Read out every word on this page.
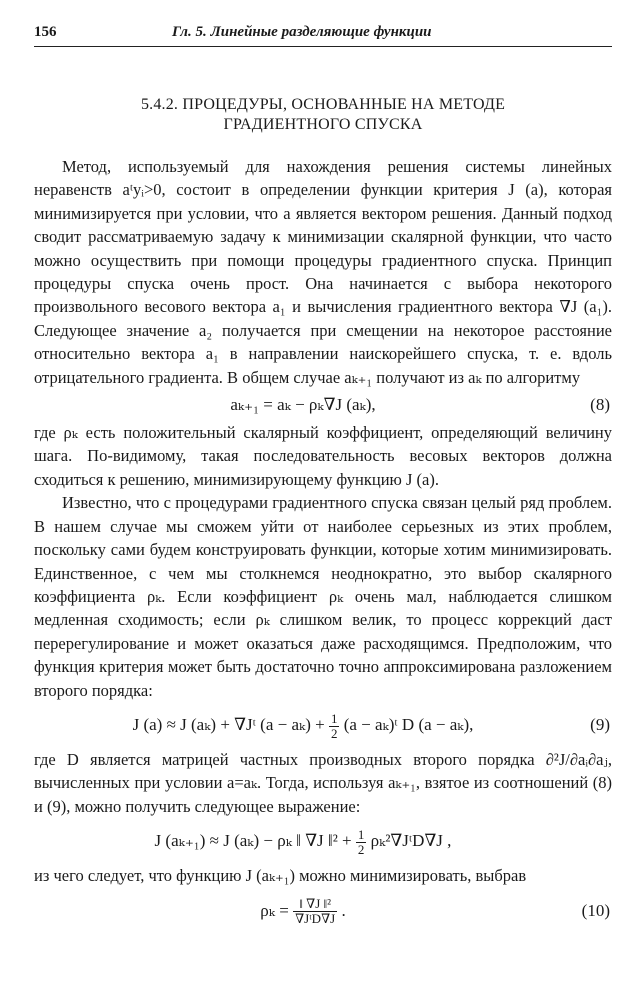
156	Гл. 5. Линейные разделяющие функции
5.4.2. ПРОЦЕДУРЫ, ОСНОВАННЫЕ НА МЕТОДЕ
ГРАДИЕНТНОГО СПУСКА

Метод, используемый для нахождения решения системы линейных неравенств aᵗyᵢ>0, состоит в определении функции критерия J (a), которая минимизируется при условии, что a является вектором решения. Данный подход сводит рассматриваемую задачу к минимизации скалярной функции, что часто можно осуществить при помощи процедуры градиентного спуска. Принцип процедуры спуска очень прост. Она начинается с выбора некоторого произвольного весового вектора a₁ и вычисления градиентного вектора ∇J (a₁). Следующее значение a₂ получается при смещении на некоторое расстояние относительно вектора a₁ в направлении наискорейшего спуска, т. е. вдоль отрицательного градиента. В общем случае aₖ₊₁ получают из aₖ по алгоритму

aₖ₊₁ = aₖ − ρₖ∇J (aₖ),	(8)

где ρₖ есть положительный скалярный коэффициент, определяющий величину шага. По-видимому, такая последовательность весовых векторов должна сходиться к решению, минимизирующему функцию J (a).

Известно, что с процедурами градиентного спуска связан целый ряд проблем. В нашем случае мы сможем уйти от наиболее серьезных из этих проблем, поскольку сами будем конструировать функции, которые хотим минимизировать. Единственное, с чем мы столкнемся неоднократно, это выбор скалярного коэффициента ρₖ. Если коэффициент ρₖ очень мал, наблюдается слишком медленная сходимость; если ρₖ слишком велик, то процесс коррекций даст перерегулирование и может оказаться даже расходящимся. Предположим, что функция критерия может быть достаточно точно аппроксимирована разложением второго порядка:

J (a) ≈ J (aₖ) + ∇Jᵗ $(a - a_k) + \frac{1}{2} (a$ − aₖ)ᵗ D (a − aₖ),	(9)

где D является матрицей частных производных второго порядка ∂²J/∂aᵢ∂aⱼ, вычисленных при условии a=aₖ. Тогда, используя aₖ₊₁, взятое из соотношений (8) и (9), можно получить следующее выражение:

J (aₖ₊₁) ≈ J (aₖ) − ρₖ ‖ ∇J ‖² + $\frac{1}{2}$ ρₖ²∇JᵗD∇J ,

из чего следует, что функцию J (aₖ₊₁) можно минимизировать, выбрав

$\rho_k = \frac{\text{‖ ∇J ‖²}}{\text{∇JᵗD∇J}}$ .	(10)
